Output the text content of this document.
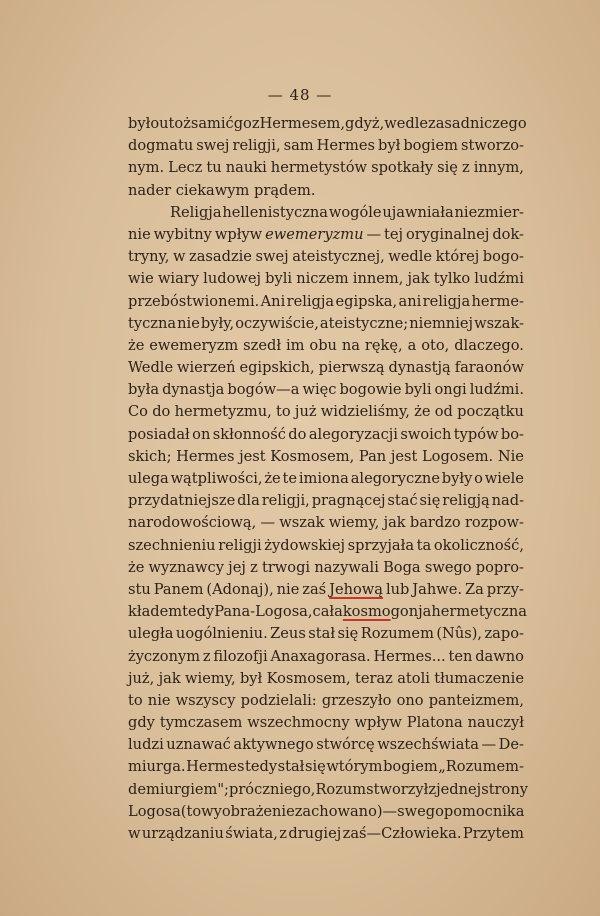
— 48 —
było utożsamić go z Hermesem, gdyż, wedle zasadniczego
dogmatu swej religji, sam Hermes był bogiem stworzo-
nym. Lecz tu nauki hermetystów spotkały się z innym,
nader ciekawym prądem.
Religja hellenistyczna wogóle ujawniała niezmier-
nie wybitny wpływ ewemeryzmu — tej oryginalnej dok-
tryny, w zasadzie swej ateistycznej, wedle której bogo-
wie wiary ludowej byli niczem innem, jak tylko ludźmi
przebóstwionemi. Ani religja egipska, ani religja herme-
tyczna nie były, oczywiście, ateistyczne; niemniej wszak-
że ewemeryzm szedł im obu na rękę, a oto, dlaczego.
Wedle wierzeń egipskich, pierwszą dynastją faraonów
była dynastja bogów—a więc bogowie byli ongi ludźmi.
Co do hermetyzmu, to już widzieliśmy, że od początku
posiadał on skłonność do alegoryzacji swoich typów bo-
skich; Hermes jest Kosmosem, Pan jest Logosem. Nie
ulega wątpliwości, że te imiona alegoryczne były o wiele
przydatniejsze dla religji, pragnącej stać się religją nad-
narodowościową, — wszak wiemy, jak bardzo rozpow-
szechnieniu religji żydowskiej sprzyjała ta okoliczność,
że wyznawcy jej z trwogi nazywali Boga swego popro-
stu Panem (Adonaj), nie zaś Jehową lub Jahwe. Za przy-
kładem tedy Pana-Logosa, cała kosmogonja hermetyczna
uległa uogólnieniu. Zeus stał się Rozumem (Nûs), zapo-
życzonym z filozofji Anaxagorasa. Hermes... ten dawno
już, jak wiemy, był Kosmosem, teraz atoli tłumaczenie
to nie wszyscy podzielali: grzeszyło ono panteizmem,
gdy tymczasem wszechmocny wpływ Platona nauczył
ludzi uznawać aktywnego stwórcę wszechświata — De-
miurga. Hermes tedy stał się wtórym bogiem „Rozumem-
demiurgiem"; prócz niego, Rozum stworzył z jednej strony
Logosa (to wyobrażenie zachowano)—swego pomocnika
w urządzaniu świata, z drugiej zaś—Człowieka. Przytem
